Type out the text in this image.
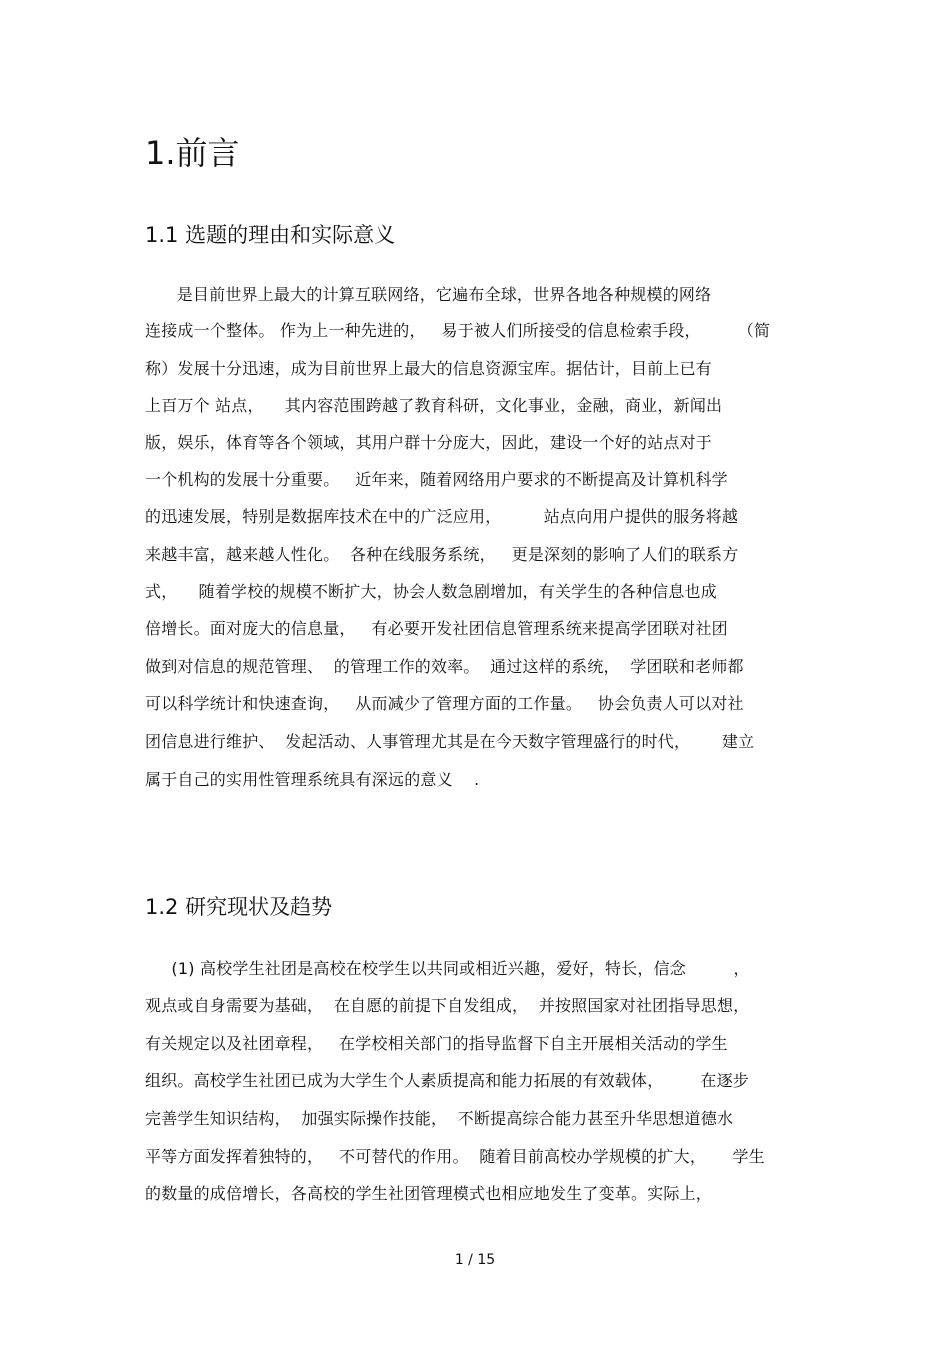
1.前言
1.1 选题的理由和实际意义
是目前世界上最大的计算互联网络，它遍布全球，世界各地各种规模的网络
连接成一个整体。 作为上一种先进的，   易于被人们所接受的信息检索手段，       （简
称）发展十分迅速，成为目前世界上最大的信息资源宝库。据估计，目前上已有
上百万个 站点，    其内容范围跨越了教育科研，文化事业，金融，商业，新闻出
版，娱乐，体育等各个领域，其用户群十分庞大，因此，建设一个好的站点对于
一个机构的发展十分重要。   近年来，随着网络用户要求的不断提高及计算机科学
的迅速发展，特别是数据库技术在中的广泛应用，        站点向用户提供的服务将越
来越丰富，越来越人性化。  各种在线服务系统，   更是深刻的影响了人们的联系方
式，    随着学校的规模不断扩大，协会人数急剧增加，有关学生的各种信息也成
倍增长。面对庞大的信息量，   有必要开发社团信息管理系统来提高学团联对社团
做到对信息的规范管理、  的管理工作的效率。  通过这样的系统，  学团联和老师都
可以科学统计和快速查询，   从而减少了管理方面的工作量。   协会负责人可以对社
团信息进行维护、  发起活动、人事管理尤其是在今天数字管理盛行的时代，      建立
属于自己的实用性管理系统具有深远的意义    .
1.2 研究现状及趋势
(1) 高校学生社团是高校在校学生以共同或相近兴趣，爱好，特长，信念         ，
观点或自身需要为基础，  在自愿的前提下自发组成，  并按照国家对社团指导思想，
有关规定以及社团章程，   在学校相关部门的指导监督下自主开展相关活动的学生
组织。高校学生社团已成为大学生个人素质提高和能力拓展的有效载体，       在逐步
完善学生知识结构，  加强实际操作技能，  不断提高综合能力甚至升华思想道德水
平等方面发挥着独特的，   不可替代的作用。  随着目前高校办学规模的扩大，     学生
的数量的成倍增长，各高校的学生社团管理模式也相应地发生了变革。实际上，
1 / 15
